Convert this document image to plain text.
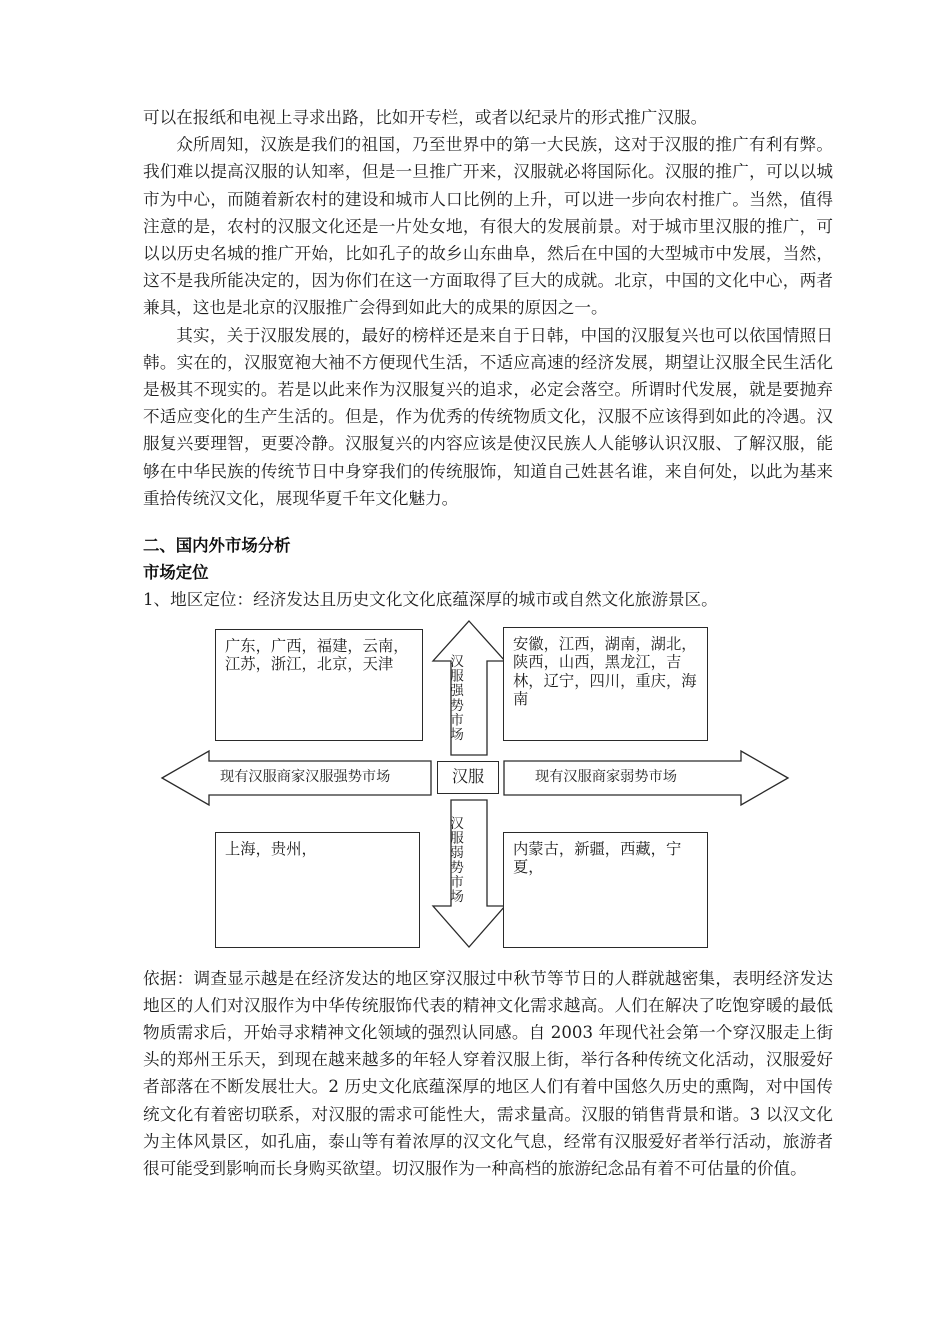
可以在报纸和电视上寻求出路，比如开专栏，或者以纪录片的形式推广汉服。

众所周知，汉族是我们的祖国，乃至世界中的第一大民族，这对于汉服的推广有利有弊。我们难以提高汉服的认知率，但是一旦推广开来，汉服就必将国际化。汉服的推广，可以以城市为中心，而随着新农村的建设和城市人口比例的上升，可以进一步向农村推广。当然，值得注意的是，农村的汉服文化还是一片处女地，有很大的发展前景。对于城市里汉服的推广，可以以历史名城的推广开始，比如孔子的故乡山东曲阜，然后在中国的大型城市中发展，当然，这不是我所能决定的，因为你们在这一方面取得了巨大的成就。北京，中国的文化中心，两者兼具，这也是北京的汉服推广会得到如此大的成果的原因之一。

其实，关于汉服发展的，最好的榜样还是来自于日韩，中国的汉服复兴也可以依国情照日韩。实在的，汉服宽袍大袖不方便现代生活，不适应高速的经济发展，期望让汉服全民生活化是极其不现实的。若是以此来作为汉服复兴的追求，必定会落空。所谓时代发展，就是要抛弃不适应变化的生产生活的。但是，作为优秀的传统物质文化，汉服不应该得到如此的冷遇。汉服复兴要理智，更要冷静。汉服复兴的内容应该是使汉民族人人能够认识汉服、了解汉服，能够在中华民族的传统节日中身穿我们的传统服饰，知道自己姓甚名谁，来自何处，以此为基来重拾传统汉文化，展现华夏千年文化魅力。

二、国内外市场分析
市场定位

1、地区定位：经济发达且历史文化文化底蕴深厚的城市或自然文化旅游景区。

汉服强势市场
汉服弱势市场
现有汉服商家汉服强势市场	现有汉服商家弱势市场
广东，广西，福建，云南，江苏，浙江，北京，天津
安徽，江西，湖南，湖北，陕西，山西，黑龙江，吉林，辽宁，四川，重庆，海南
上海，贵州，	内蒙古，新疆，西藏，宁夏，
汉服

依据：调查显示越是在经济发达的地区穿汉服过中秋节等节日的人群就越密集，表明经济发达地区的人们对汉服作为中华传统服饰代表的精神文化需求越高。人们在解决了吃饱穿暖的最低物质需求后，开始寻求精神文化领域的强烈认同感。自 2003 年现代社会第一个穿汉服走上街头的郑州王乐天，到现在越来越多的年轻人穿着汉服上街，举行各种传统文化活动，汉服爱好者部落在不断发展壮大。2 历史文化底蕴深厚的地区人们有着中国悠久历史的熏陶，对中国传统文化有着密切联系，对汉服的需求可能性大，需求量高。汉服的销售背景和谐。3 以汉文化为主体风景区，如孔庙，泰山等有着浓厚的汉文化气息，经常有汉服爱好者举行活动，旅游者很可能受到影响而长身购买欲望。切汉服作为一种高档的旅游纪念品有着不可估量的价值。
